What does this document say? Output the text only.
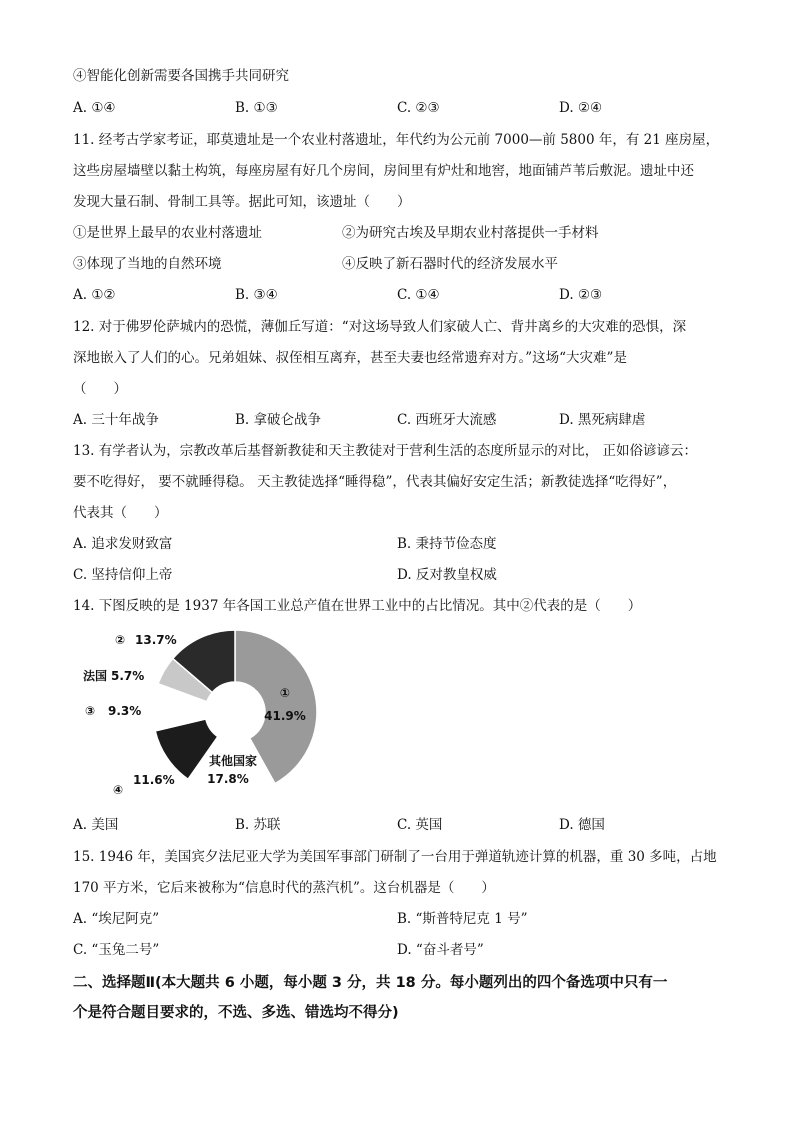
④智能化创新需要各国携手共同研究
A. ①④	B. ①③	C. ②③	D. ②④
11. 经考古学家考证，耶莫遗址是一个农业村落遗址，年代约为公元前 7000—前 5800 年，有 21 座房屋，
这些房屋墙壁以黏土构筑，每座房屋有好几个房间，房间里有炉灶和地窖，地面铺芦苇后敷泥。遗址中还
发现大量石制、骨制工具等。据此可知，该遗址（　　）
①是世界上最早的农业村落遗址	②为研究古埃及早期农业村落提供一手材料
③体现了当地的自然环境	④反映了新石器时代的经济发展水平
A. ①②	B. ③④	C. ①④	D. ②③
12. 对于佛罗伦萨城内的恐慌，薄伽丘写道：“对这场导致人们家破人亡、背井离乡的大灾难的恐惧，深
深地嵌入了人们的心。兄弟姐妹、叔侄相互离弃，甚至夫妻也经常遗弃对方。”这场“大灾难”是
（　　）
A. 三十年战争	B. 拿破仑战争	C. 西班牙大流感	D. 黑死病肆虐
13. 有学者认为，宗教改革后基督新教徒和天主教徒对于营利生活的态度所显示的对比， 正如俗谚谚云：
要不吃得好， 要不就睡得稳。 天主教徒选择“睡得稳”，代表其偏好安定生活；新教徒选择“吃得好”，
代表其（　　）
A. 追求发财致富	B. 秉持节俭态度
C. 坚持信仰上帝	D. 反对教皇权威
14. 下图反映的是 1937 年各国工业总产值在世界工业中的占比情况。其中②代表的是（　　）
①
41.9%
其他国家
17.8%
④
11.6%
③ 9.3%
法国 5.7%
② 13.7%
A. 美国	B. 苏联	C. 英国	D. 德国
15. 1946 年，美国宾夕法尼亚大学为美国军事部门研制了一台用于弹道轨迹计算的机器，重 30 多吨，占地
170 平方米，它后来被称为“信息时代的蒸汽机”。这台机器是（　　）
A. “埃尼阿克”	B. “斯普特尼克 1 号”
C. “玉兔二号”	D. “奋斗者号”
二、选择题Ⅱ(本大题共 6 小题，每小题 3 分，共 18 分。每小题列出的四个备选项中只有一
个是符合题目要求的，不选、多选、错选均不得分)
